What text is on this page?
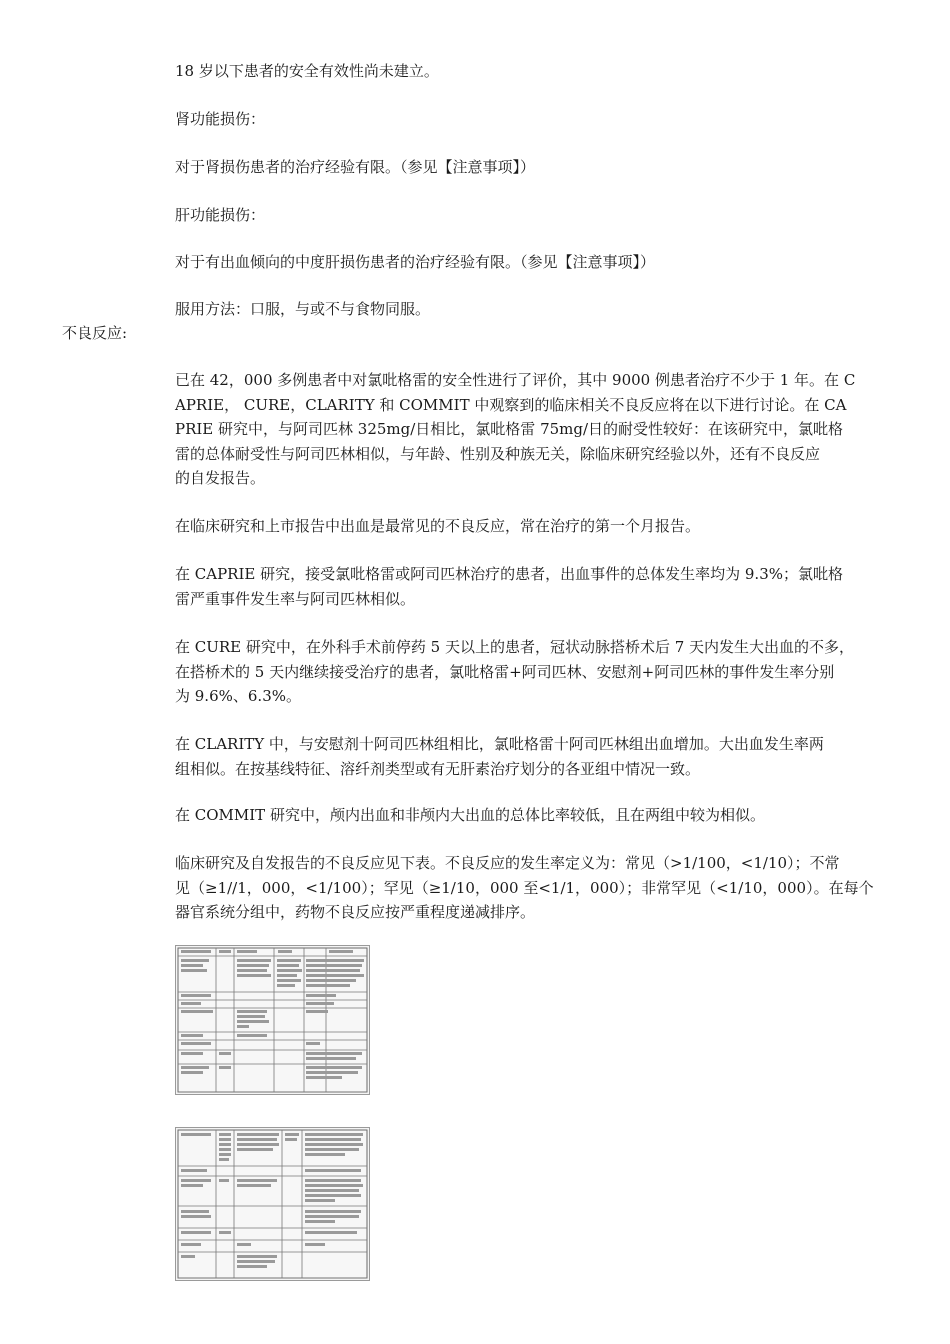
18 岁以下患者的安全有效性尚未建立。
肾功能损伤：
对于肾损伤患者的治疗经验有限。（参见【注意事项】）
肝功能损伤：
对于有出血倾向的中度肝损伤患者的治疗经验有限。（参见【注意事项】）
服用方法：口服，与或不与食物同服。
不良反应:
已在 42，000 多例患者中对氯吡格雷的安全性进行了评价，其中 9000 例患者治疗不少于 1 年。在 C
APRIE， CURE，CLARITY 和 COMMIT 中观察到的临床相关不良反应将在以下进行讨论。在 CA
PRIE 研究中，与阿司匹林 325mg/日相比，氯吡格雷 75mg/日的耐受性较好：在该研究中，氯吡格
雷的总体耐受性与阿司匹林相似，与年龄、性别及种族无关，除临床研究经验以外，还有不良反应
的自发报告。
在临床研究和上市报告中出血是最常见的不良反应，常在治疗的第一个月报告。
在 CAPRIE 研究，接受氯吡格雷或阿司匹林治疗的患者，出血事件的总体发生率均为 9.3%；氯吡格
雷严重事件发生率与阿司匹林相似。
在 CURE 研究中，在外科手术前停药 5 天以上的患者，冠状动脉搭桥术后 7 天内发生大出血的不多，
在搭桥术的 5 天内继续接受治疗的患者，氯吡格雷+阿司匹林、安慰剂+阿司匹林的事件发生率分别
为 9.6%、6.3%。
在 CLARITY 中，与安慰剂十阿司匹林组相比，氯吡格雷十阿司匹林组出血增加。大出血发生率两
组相似。在按基线特征、溶纤剂类型或有无肝素治疗划分的各亚组中情况一致。
在 COMMIT 研究中，颅内出血和非颅内大出血的总体比率较低，且在两组中较为相似。
临床研究及自发报告的不良反应见下表。不良反应的发生率定义为：常见（>1/100，<1/10）；不常
见（≥1//1，000，<1/100）；罕见（≥1/10，000 至<1/1，000）；非常罕见（<1/10，000）。在每个
器官系统分组中，药物不良反应按严重程度递减排序。
